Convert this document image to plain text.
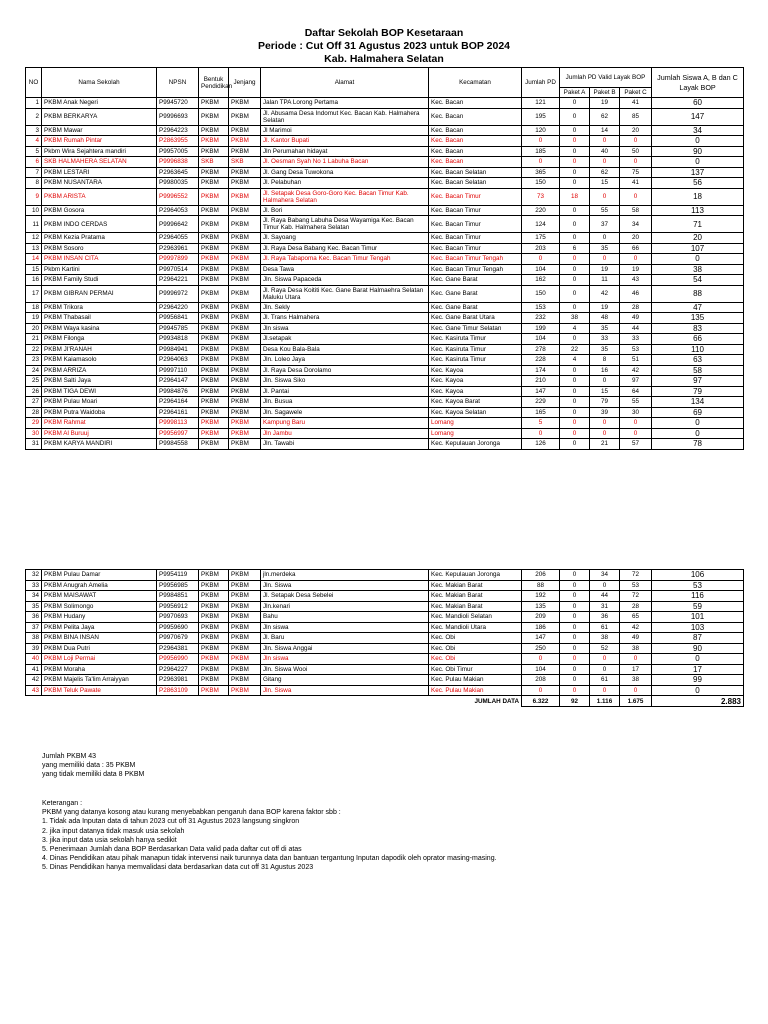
Daftar Sekolah BOP Kesetaraan
Periode : Cut Off 31 Agustus 2023 untuk BOP 2024
Kab. Halmahera Selatan
NO	Nama Sekolah	NPSN	Bentuk Pendidikan	Jenjang	Alamat	Kecamatan	Jumlah PD	Jumlah PD Valid Layak BOP			Jumlah Siswa A, B dan C Layak BOP
								Paket A	Paket B	Paket C	
1	PKBM Anak Negeri	P9945720	PKBM	PKBM	Jalan TPA Lorong Pertama	Kec. Bacan	121	0	19	41	60
2	PKBM BERKARYA	P9996693	PKBM	PKBM	Jl. Abusama Desa Indomut Kec. Bacan Kab. Halmahera Selatan	Kec. Bacan	195	0	62	85	147
3	PKBM Mawar	P2964223	PKBM	PKBM	Jl Marimoi	Kec. Bacan	120	0	14	20	34
4	PKBM Rumah Pintar	P2863955	PKBM	PKBM	Jl. Kantor Bupati	Kec. Bacan	0	0	0	0	0
5	Pkbm Wira Sejahtera mandiri	P9957005	PKBM	PKBM	Jln Perumahan hidayat	Kec. Bacan	185	0	40	50	90
6	SKB HALMAHERA SELATAN	P9996838	SKB	SKB	Jl. Oesman Syah No 1 Labuha Bacan	Kec. Bacan	0	0	0	0	0
7	PKBM LESTARI	P2963645	PKBM	PKBM	Jl. Gang Desa Tuwokona	Kec. Bacan Selatan	365	0	62	75	137
8	PKBM NUSANTARA	P9980035	PKBM	PKBM	Jl. Pelabuhan	Kec. Bacan Selatan	150	0	15	41	56
9	PKBM ARISTA	P9996552	PKBM	PKBM	Jl. Setapak Desa Goro-Goro Kec. Bacan Timur Kab. Halmahera Selatan	Kec. Bacan Timur	73	18	0	0	18
10	PKBM Gosora	P2964053	PKBM	PKBM	Jl. Bori	Kec. Bacan Timur	220	0	55	58	113
11	PKBM INDO CERDAS	P9996642	PKBM	PKBM	Jl. Raya Babang Labuha Desa Wayamiga Kec. Bacan Timur Kab. Halmahera Selatan	Kec. Bacan Timur	124	0	37	34	71
12	PKBM Kezia Pratama	P2964055	PKBM	PKBM	Jl. Sayoang	Kec. Bacan Timur	175	0	0	20	20
13	PKBM Sosoro	P2963961	PKBM	PKBM	Jl. Raya Desa Babang Kec. Bacan Timur	Kec. Bacan Timur	203	6	35	66	107
14	PKBM INSAN CITA	P9997899	PKBM	PKBM	Jl. Raya Tabapoma Kec. Bacan Timur Tengah	Kec. Bacan Timur Tengah	0	0	0	0	0
15	Pkbm Kartini	P9970514	PKBM	PKBM	Desa Tawa	Kec. Bacan Timur Tengah	104	0	19	19	38
16	PKBM Family Studi	P2964221	PKBM	PKBM	Jln. Siswa Papaceda	Kec. Gane Barat	162	0	11	43	54
17	PKBM GIBRAN PERMAI	P9996972	PKBM	PKBM	Jl. Raya Desa Koititi Kec. Gane Barat Halmaehra Selatan Maluku Utara	Kec. Gane Barat	150	0	42	46	88
18	PKBM Trikora	P2964220	PKBM	PKBM	Jln. Sekly	Kec. Gane Barat	153	0	19	28	47
19	PKBM Thabasail	P9956841	PKBM	PKBM	Jl. Trans Halmahera	Kec. Gane Barat Utara	232	38	48	49	135
20	PKBM Waya kasina	P9945785	PKBM	PKBM	Jln siswa	Kec. Gane Timur Selatan	199	4	35	44	83
21	PKBM Filonga	P9934818	PKBM	PKBM	Jl.setapak	Kec. Kasiruta Timur	104	0	33	33	66
22	PKBM JI'RANAH	P9984941	PKBM	PKBM	Desa Kou Bala-Bala	Kec. Kasiruta Timur	278	22	35	53	110
23	PKBM Kaiamasolo	P2964063	PKBM	PKBM	Jln. Loleo Jaya	Kec. Kasiruta Timur	228	4	8	51	63
24	PKBM ARRIZA	P9997110	PKBM	PKBM	Jl. Raya Desa Dorolamo	Kec. Kayoa	174	0	16	42	58
25	PKBM Salti Jaya	P2964147	PKBM	PKBM	Jln. Siswa Siko	Kec. Kayoa	210	0	0	97	97
26	PKBM TIGA DEWI	P9984876	PKBM	PKBM	Jl. Pantai	Kec. Kayoa	147	0	15	64	79
27	PKBM Pulau Moari	P2964164	PKBM	PKBM	Jln. Busua	Kec. Kayoa Barat	229	0	79	55	134
28	PKBM Putra Waidoba	P2964161	PKBM	PKBM	Jln. Sagawele	Kec. Kayoa Selatan	165	0	39	30	69
29	PKBM Rahmat	P9998113	PKBM	PKBM	Kampung Baru	Lomang	5	0	0	0	0
30	PKBM Al Buruuj	P9956997	PKBM	PKBM	Jln Jambu	Lomang	0	0	0	0	0
31	PKBM KARYA MANDIRI	P9984558	PKBM	PKBM	Jln. Tawabi	Kec. Kepulauan Joronga	126	0	21	57	78
32	PKBM Pulau Damar	P9954119	PKBM	PKBM	jln.merdeka	Kec. Kepulauan Joronga	206	0	34	72	106
33	PKBM Anugrah Amelia	P9956985	PKBM	PKBM	Jln. Siswa	Kec. Makian Barat	88	0	0	53	53
34	PKBM MAISAWAT	P9984851	PKBM	PKBM	Jl. Setapak Desa Sebelei	Kec. Makian Barat	192	0	44	72	116
35	PKBM Solimongo	P9956912	PKBM	PKBM	Jln.kenari	Kec. Makian Barat	135	0	31	28	59
36	PKBM Hudany	P9970693	PKBM	PKBM	Bahu	Kec. Mandioli Selatan	209	0	36	65	101
37	PKBM Pelita Jaya	P9959690	PKBM	PKBM	Jln siswa	Kec. Mandioli Utara	186	0	61	42	103
38	PKBM BINA INSAN	P9970679	PKBM	PKBM	Jl. Baru	Kec. Obi	147	0	38	49	87
39	PKBM Dua Putri	P2964381	PKBM	PKBM	Jln. Siswa Anggai	Kec. Obi	250	0	52	38	90
40	PKBM Loji Permai	P9956990	PKBM	PKBM	Jln siswa	Kec. Obi	0	0	0	0	0
41	PKBM Moraha	P2964227	PKBM	PKBM	Jln. Siswa Wooi	Kec. Obi Timur	104	0	0	17	17
42	PKBM Majelis Ta'lim Arraiyyan	P2963981	PKBM	PKBM	Gitang	Kec. Pulau Makian	208	0	61	38	99
43	PKBM Teluk Pawate	P2863109	PKBM	PKBM	Jln. Siswa	Kec. Pulau Makian	0	0	0	0	0
JUMLAH DATA							6.322	92	1.116	1.675	2.883
Jumlah PKBM 43
yang memiliki data : 35 PKBM
yang tidak memiliki data 8 PKBM
Keterangan :
PKBM yang datanya kosong atau kurang menyebabkan pengaruh dana BOP karena faktor sbb :
1. Tidak ada Inputan data di tahun 2023 cut off 31 Agustus 2023 langsung singkron
2. jika input datanya tidak masuk usia sekolah
3. jika input data usia sekolah hanya sedikit
5. Penerimaan Jumlah dana BOP Berdasarkan Data valid pada daftar cut off di atas
4. Dinas Pendidikan atau pihak manapun tidak intervensi naik turunnya data dan bantuan tergantung Inputan dapodik oleh oprator masing-masing.
5. Dinas Pendidikan hanya memvalidasi data berdasarkan data cut off 31 Agustus 2023
